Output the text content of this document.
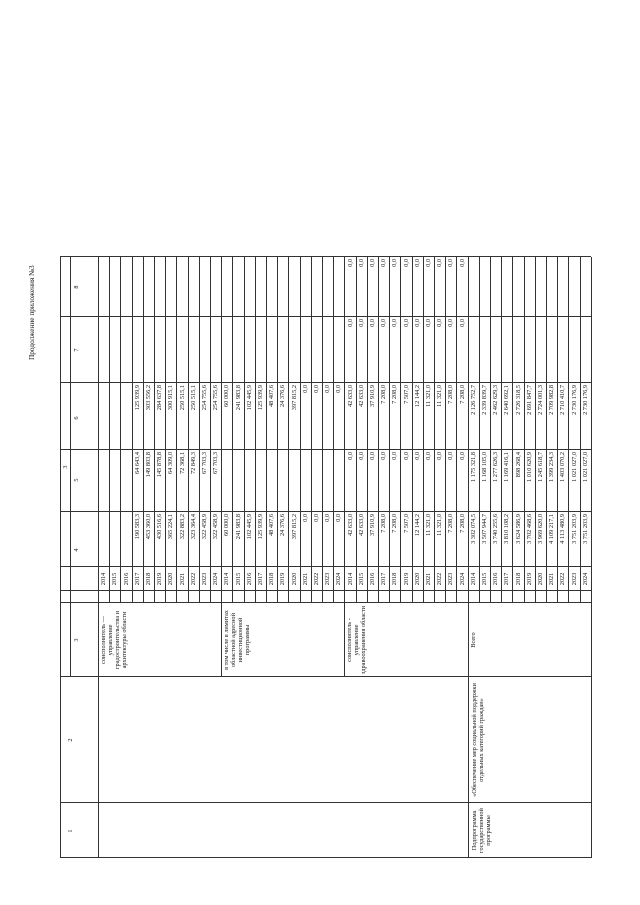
Продолжение приложения №3
3
1
2
3
4
5
6
7
8
Подпрограмма государственной программы
«Обеспечение мер социальной поддержки отдельных категорий граждан»
соисполнитель — управление градостроительства и архитектуры области
2014 2015 2016 2017
190 583,3
64 643,4
125 939,9
2018
453 360,0
149 803,8
303 556,2
2019
430 516,6
145 878,8
284 637,8
2020
365 224,1
64 309,0
300 915,1
2021
322 883,2
72 368,1
250 515,1
2022
323 364,4
72 849,3
250 515,1
2023
322 458,9
67 703,3
254 755,6
2024
322 458,9
67 703,3
254 755,6
в том числе в лимитах областной адресной инвестиционной программы
2014
60 000,0
60 000,0
2015
241 983,8
241 983,8
2016
102 445,9
102 445,9
2017
125 939,9
125 939,9
2018
48 407,6
48 407,6
2019
24 376,6
24 376,6
2020
397 815,2
397 815,2
2021
0,0
0,0
2022
0,0
0,0
2023
0,0
0,0
2024
0,0
0,0
соисполнитель - управление здравоохранения области
2014
42 633,0
0,0
42 633,0
0,0
0,0
2015
42 633,0
0,0
42 633,0
0,0
0,0
2016
37 910,9
0,0
37 910,9
0,0
0,0
2017
7 208,0
0,0
7 208,0
0,0
0,0
2018
7 208,0
0,0
7 208,0
0,0
0,0
2019
7 507,0
0,0
7 507,0
0,0
0,0
2020
12 144,2
0,0
12 144,2
0,0
0,0
2021
11 321,0
0,0
11 321,0
0,0
0,0
2022
11 321,0
0,0
11 321,0
0,0
0,0
2023
7 208,0
0,0
7 208,0
0,0
0,0
2024
7 208,0
0,0
7 208,0
0,0
0,0
Всего
2014
3 302 074,5
1 175 321,8
2 126 752,7
2015
3 507 944,7
1 168 105,0
2 339 839,7
2016
3 740 255,6
1 277 626,3
2 462 629,3
2017
3 810 108,2
1 169 416,1
2 640 692,1
2018
3 624 586,9
898 268,4
2 726 318,5
2019
3 702 468,6
1 010 620,9
2 691 847,7
2020
3 969 620,0
1 245 618,7
2 724 001,3
2021
4 109 217,1
1 399 234,3
2 709 982,8
2022
4 113 480,9
1 403 070,2
2 710 410,7
2023
3 751 203,9
1 021 027,0
2 730 176,9
2024
3 751 203,9
1 021 027,0
2 730 176,9
